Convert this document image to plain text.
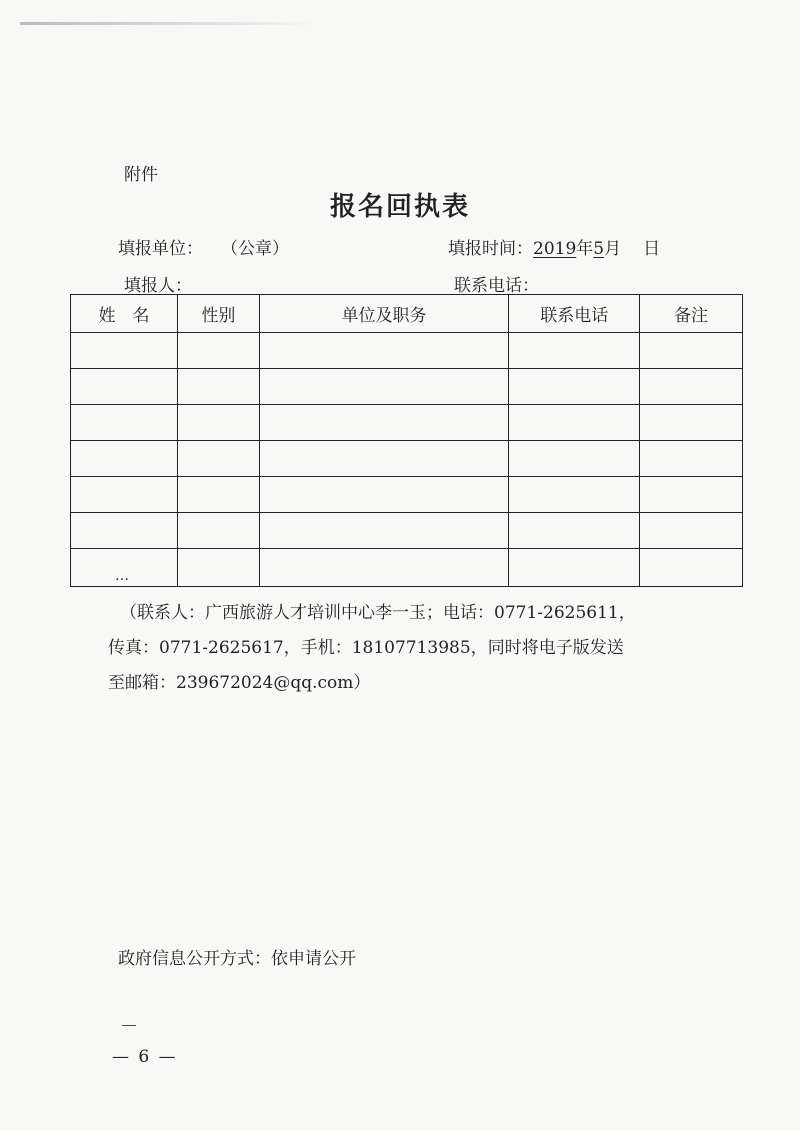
附件
报名回执表
填报单位： （公章）	填报时间：2019年5月 日
填报人：	联系电话：
姓　名	性别	单位及职务	联系电话	备注

…				

（联系人：广西旅游人才培训中心李一玉；电话：0771-2625611，

传真：0771-2625617，手机：18107713985，同时将电子版发送

至邮箱：239672024@qq.com）

政府信息公开方式：依申请公开
— 6 —
